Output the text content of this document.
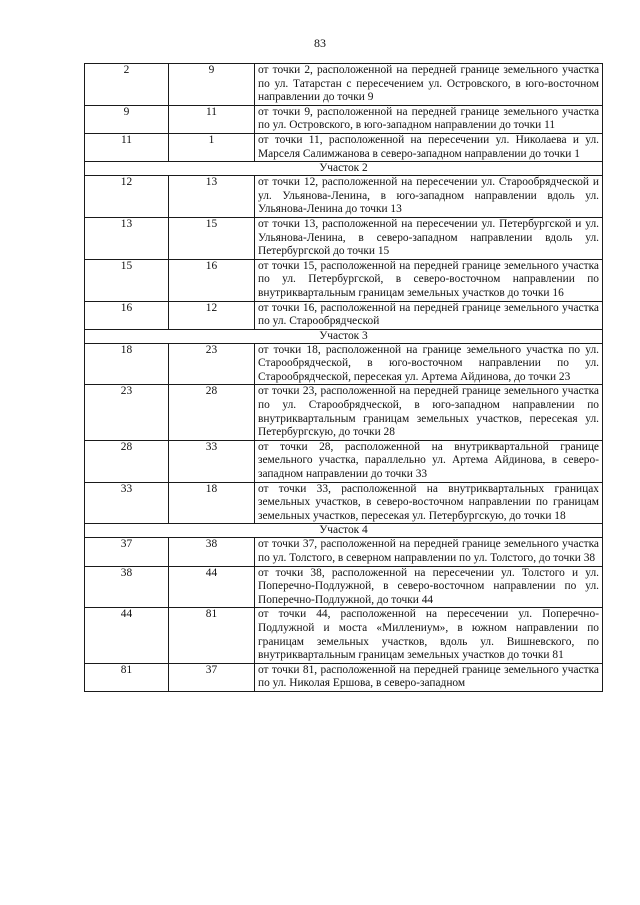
83
2	9	от точки 2, расположенной на передней границе земельного участка по ул. Татарстан с пересечением ул. Островского, в юго-восточном направлении до точки 9
9	11	от точки 9, расположенной на передней границе земельного участка по ул. Островского, в юго-западном направлении до точки 11
11	1	от точки 11, расположенной на пересечении ул. Николаева и ул. Марселя Салимжанова в северо-западном направлении до точки 1
Участок 2		
12	13	от точки 12, расположенной на пересечении ул. Старообрядческой и ул. Ульянова-Ленина, в юго-западном направлении вдоль ул. Ульянова-Ленина до точки 13
13	15	от точки 13, расположенной на пересечении ул. Петербургской и ул. Ульянова-Ленина, в северо-западном направлении вдоль ул. Петербургской до точки 15
15	16	от точки 15, расположенной на передней границе земельного участка по ул. Петербургской, в северо-восточном направлении по внутриквартальным границам земельных участков до точки 16
16	12	от точки 16, расположенной на передней границе земельного участка по ул. Старообрядческой
Участок 3		
18	23	от точки 18, расположенной на границе земельного участка по ул. Старообрядческой, в юго-восточном направлении по ул. Старообрядческой, пересекая ул. Артема Айдинова, до точки 23
23	28	от точки 23, расположенной на передней границе земельного участка по ул. Старообрядческой, в юго-западном направлении по внутриквартальным границам земельных участков, пересекая ул. Петербургскую, до точки 28
28	33	от точки 28, расположенной на внутриквартальной границе земельного участка, параллельно ул. Артема Айдинова, в северо-западном направлении до точки 33
33	18	от точки 33, расположенной на внутриквартальных границах земельных участков, в северо-восточном направлении по границам земельных участков, пересекая ул. Петербургскую, до точки 18
Участок 4		
37	38	от точки 37, расположенной на передней границе земельного участка по ул. Толстого, в северном направлении по ул. Толстого, до точки 38
38	44	от точки 38, расположенной на пересечении ул. Толстого и ул. Поперечно-Подлужной, в северо-восточном направлении по ул. Поперечно-Подлужной, до точки 44
44	81	от точки 44, расположенной на пересечении ул. Поперечно-Подлужной и моста «Миллениум», в южном направлении по границам земельных участков, вдоль ул. Вишневского, по внутриквартальным границам земельных участков до точки 81
81	37	от точки 81, расположенной на передней границе земельного участка по ул. Николая Ершова, в северо-западном
